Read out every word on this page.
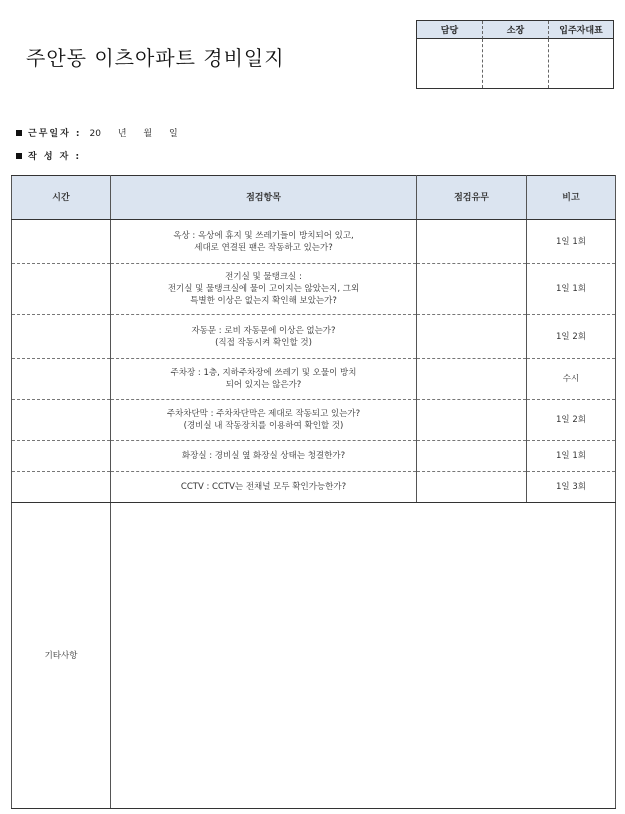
주안동 이츠아파트 경비일지
담당	소장	입주자대표
근무일자 : 20 년 월 일
작 성 자 :
시간	점검항목	점검유무	비고

	옥상 : 옥상에 휴지 및 쓰레기들이 방치되어 있고,
세대로 연결된 팬은 작동하고 있는가?		1일 1회

	전기실 및 물탱크실 :
전기실 및 물탱크실에 물이 고이지는 않았는지, 그외
특별한 이상은 없는지 확인해 보았는가?		1일 1회

	자동문 : 로비 자동문에 이상은 없는가?
(직접 작동시켜 확인할 것)		1일 2회

	주차장 : 1층, 지하주차장에 쓰레기 및 오물이 방치
되어 있지는 않은가?		수시

	주차차단막 : 주차차단막은 제대로 작동되고 있는가?
(경비실 내 작동장치를 이용하여 확인할 것)		1일 2회

	화장실 : 경비실 옆 화장실 상태는 청결한가?		1일 1회

	CCTV : CCTV는 전채널 모두 확인가능한가?		1일 3회
기타사항			
